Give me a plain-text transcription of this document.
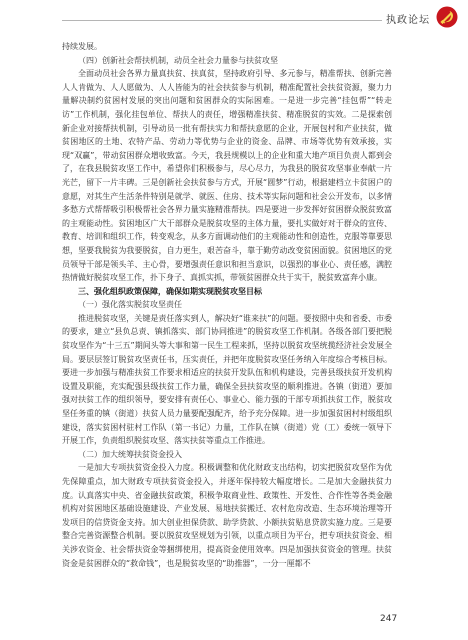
执政论坛

持续发展。

（四）创新社会帮扶机制，动员全社会力量参与扶贫攻坚

全面动员社会各界力量真扶贫、扶真贫，坚持政府引导、多元参与，精准帮扶、创新完善人人肯做为、人人愿做为、人人皆能为的社会扶贫参与机制，精准配置社会扶贫资源，聚力力量解决制约贫困村发展的突出问题和贫困群众的实际困难。一是进一步完善“挂包帮”“转走访”工作机制，强化挂包单位、帮扶人的责任，增强精准扶贫、精准脱贫的实效。二是探索创新企业对接帮扶机制，引导动员一批有帮扶实力和帮扶意愿的企业，开展包村和产业扶贫，做贫困地区的土地、农特产品、劳动力等优势与企业的资金、品牌、市场等优势有效承接，实现“双赢”，带动贫困群众增收致富。今天，我县规模以上的企业和重大地产项目负责人都到会了，在我县脱贫攻坚工作中，希望你们积极参与，尽心尽力，为我县的脱贫攻坚事业奉献一片光芒，留下一片丰碑。三是创新社会扶贫参与方式，开展“圆梦”行动，根据建档立卡贫困户的意愿，对其生产生活条件特别是就学、就医、住房、技术等实际问题和社会公开发布，以多情多愁方式帮帮吸引积极帮社会各界力量实施精准帮扶。四是要进一步发挥好贫困群众脱贫致富的主观能动性。贫困地区广大干部群众是脱贫攻坚的主体力量，要扎实做好对于群众的宣传、教育、培训和组织工作，转变观念，从多方面调动他们的主观能动性和创造性，克服等靠要思想，坚要我脱贫为我要脱贫，自力更生，艰苦奋斗，靠于勤劳动改变贫困面貌。贫困地区的党员领导干部是领头羊、主心骨，要增强责任意识和担当意识，以强烈的事业心、责任感，满腔热情做好脱贫攻坚工作，扑下身子、真抓实抓，带领贫困群众共于实干，脱贫致富奔小康。

三、强化组织政策保障，确保如期实现脱贫攻坚目标

（一）强化落实脱贫攻坚责任

推进脱贫攻坚，关键是责任落实到人，解决好“谁来扶”的问题。要按照中央和省委、市委的要求，建立“县负总责、镇抓落实、部门协同推进”的脱贫攻坚工作机制。各级各部门要把脱贫攻坚作为“十三五”期间头等大事和第一民生工程来抓，坚持以脱贫攻坚统揽经济社会发展全局。要层层签订脱贫攻坚责任书，压实责任，并把年度脱贫攻坚任务纳入年度综合考核目标。要进一步加强与精准扶贫工作要求相适应的扶贫开发队伍和机构建设，完善县级扶贫开发机构设置及职能，充实配强县级扶贫工作力量，确保全县扶贫攻坚的顺利推进。各镇（街道）要加强对扶贫工作的组织领导，要安排有责任心、事业心、能力强的干部专项抓扶贫工作，脱贫攻坚任务重的镇（街道）扶贫人员力量要配强配齐，给予充分保障。进一步加强贫困村村级组织建设，落实贫困村驻村工作队（第一书记）力量，工作队在镇（街道）党（工）委统一领导下开展工作，负责组织脱贫攻坚、落实扶贫等重点工作推进。

（二）加大统筹扶贫资金投入

一是加大专项扶贫资金投入力度。积极调整和优化财政支出结构，切实把脱贫攻坚作为优先保障重点，加大财政专项扶贫资金投入，并逐年保持较大幅度增长。二是加大金融扶贫力度。认真落实中央、省金融扶贫政策，积极争取商业性、政策性、开发性、合作性等各类金融机构对贫困地区基础设施建设、产业发展、易地扶贫搬迁、农村危房改造、生态环境治理等开发项目的信贷资金支持。加大创业担保贷款、助学贷款、小额扶贫贴息贷款实施力度。三是要整合完善资源整合机制。要以脱贫攻坚规划为引领，以重点项目为平台，把专项扶贫资金、相关涉农资金、社会帮扶资金等捆绑使用，提高资金使用效率。四是加强扶贫资金的管理。扶贫资金是贫困群众的“救命钱”，也是脱贫攻坚的“助推器”，一分一厘都不

247
